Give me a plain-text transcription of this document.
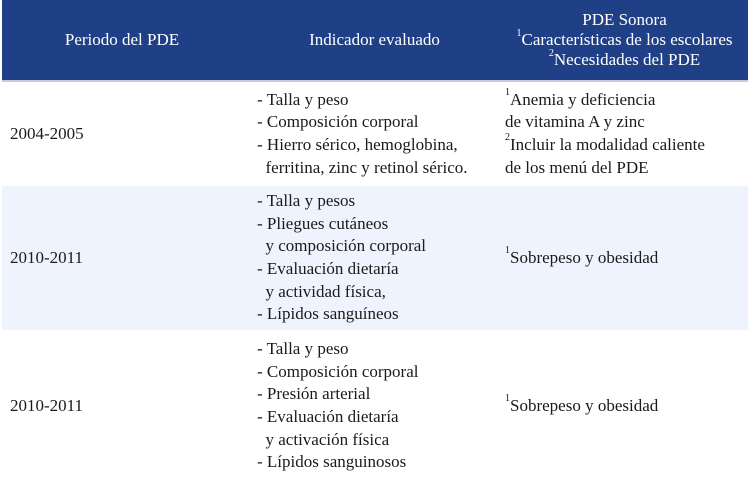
Periodo del PDE	Indicador evaluado
PDE Sonora
$^1$Características de los escolares
$^2$Necesidades del PDE
2004-2005
- Talla y peso
- Composición corporal
- Hierro sérico, hemoglobina,
ferritina, zinc y retinol sérico.
$^1$Anemia y deficiencia
de vitamina A y zinc
$^2$Incluir la modalidad caliente
de los menú del PDE
2010-2011
- Talla y pesos
- Pliegues cutáneos
y composición corporal
- Evaluación dietaría
y actividad física,
- Lípidos sanguíneos
$^1$Sobrepeso y obesidad
2010-2011
- Talla y peso
- Composición corporal
- Presión arterial
- Evaluación dietaría
y activación física
- Lípidos sanguinosos
$^1$Sobrepeso y obesidad
